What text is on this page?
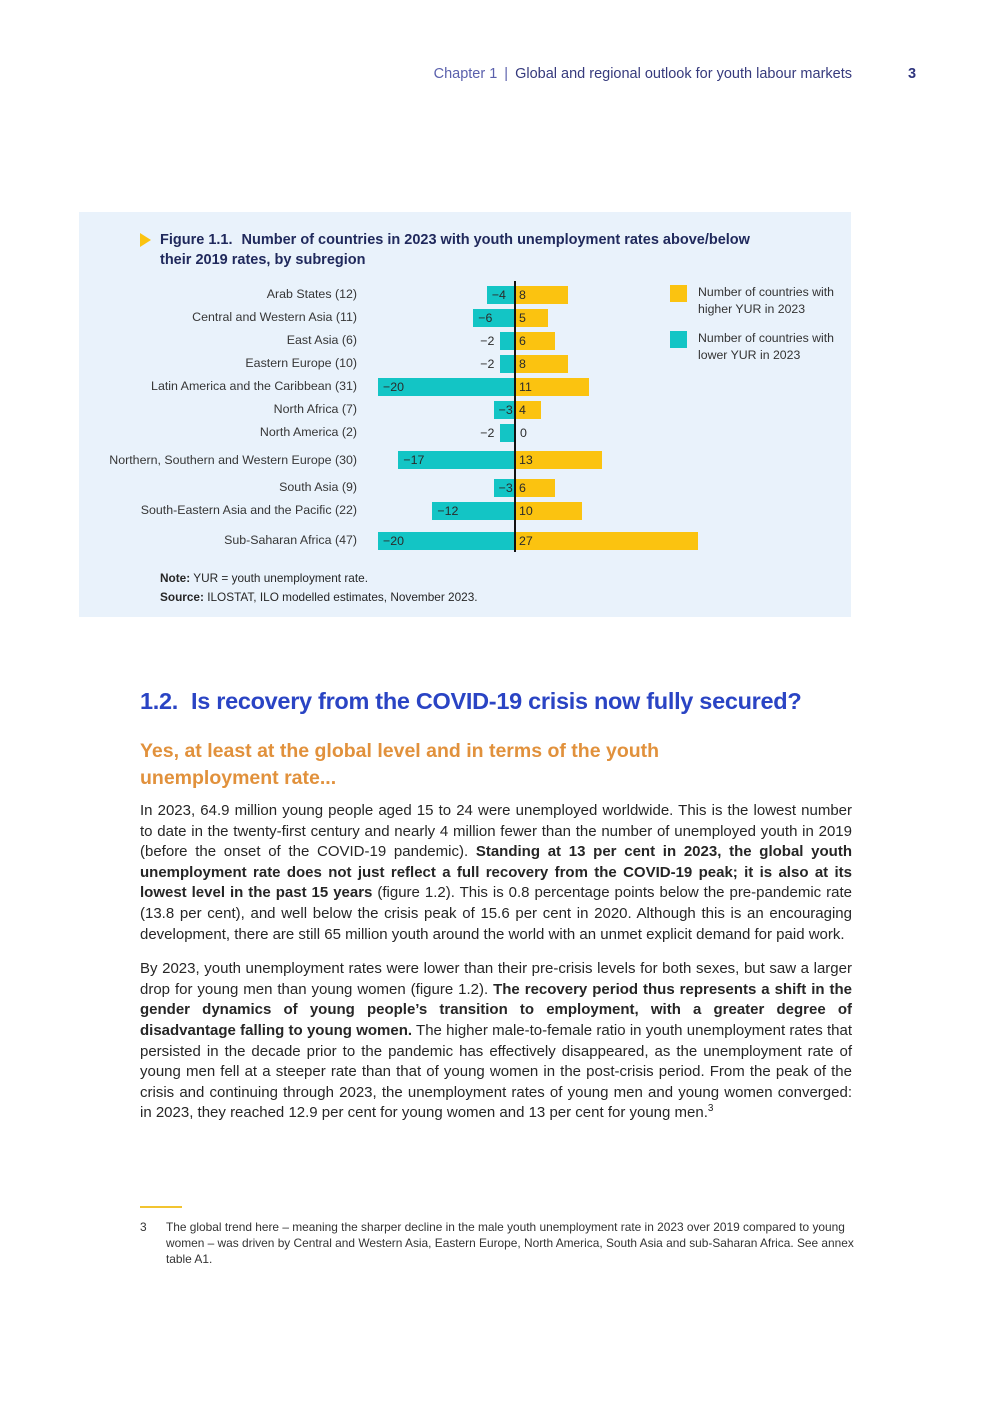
Chapter 1 | Global and regional outlook for youth labour markets	3
Figure 1.1. Number of countries in 2023 with youth unemployment rates above/below their 2019 rates, by subregion
Arab States (12)	−4	8
Central and Western Asia (11)	−6	5
East Asia (6)	−2	6
Eastern Europe (10)	−2	8
Latin America and the Caribbean (31)	−20	11
North Africa (7)	−3 4
North America (2)	−2 0
Northern, Southern and Western Europe (30)	−17	13
South Asia (9)	−3 6
South-Eastern Asia and the Pacific (22)	−12	10
Sub-Saharan Africa (47)	−20	27
Number of countries with higher YUR in 2023
Number of countries with lower YUR in 2023
Note: YUR = youth unemployment rate.
Source: ILOSTAT, ILO modelled estimates, November 2023.
1.2. Is recovery from the COVID-19 crisis now fully secured?
Yes, at least at the global level and in terms of the youth unemployment rate...

In 2023, 64.9 million young people aged 15 to 24 were unemployed worldwide. This is the lowest number to date in the twenty-first century and nearly 4 million fewer than the number of unemployed youth in 2019 (before the onset of the COVID-19 pandemic). Standing at 13 per cent in 2023, the global youth unemployment rate does not just reflect a full recovery from the COVID-19 peak; it is also at its lowest level in the past 15 years (figure 1.2). This is 0.8 percentage points below the pre-pandemic rate (13.8 per cent), and well below the crisis peak of 15.6 per cent in 2020. Although this is an encouraging development, there are still 65 million youth around the world with an unmet explicit demand for paid work.

By 2023, youth unemployment rates were lower than their pre-crisis levels for both sexes, but saw a larger drop for young men than young women (figure 1.2). The recovery period thus represents a shift in the gender dynamics of young people’s transition to employment, with a greater degree of disadvantage falling to young women. The higher male-to-female ratio in youth unemployment rates that persisted in the decade prior to the pandemic has effectively disappeared, as the unemployment rate of young men fell at a steeper rate than that of young women in the post-crisis period. From the peak of the crisis and continuing through 2023, the unemployment rates of young men and young women converged: in 2023, they reached 12.9 per cent for young women and 13 per cent for young men.$^3$

3	The global trend here – meaning the sharper decline in the male youth unemployment rate in 2023 over 2019 compared to young women – was driven by Central and Western Asia, Eastern Europe, North America, South Asia and sub-Saharan Africa. See annex table A1.
